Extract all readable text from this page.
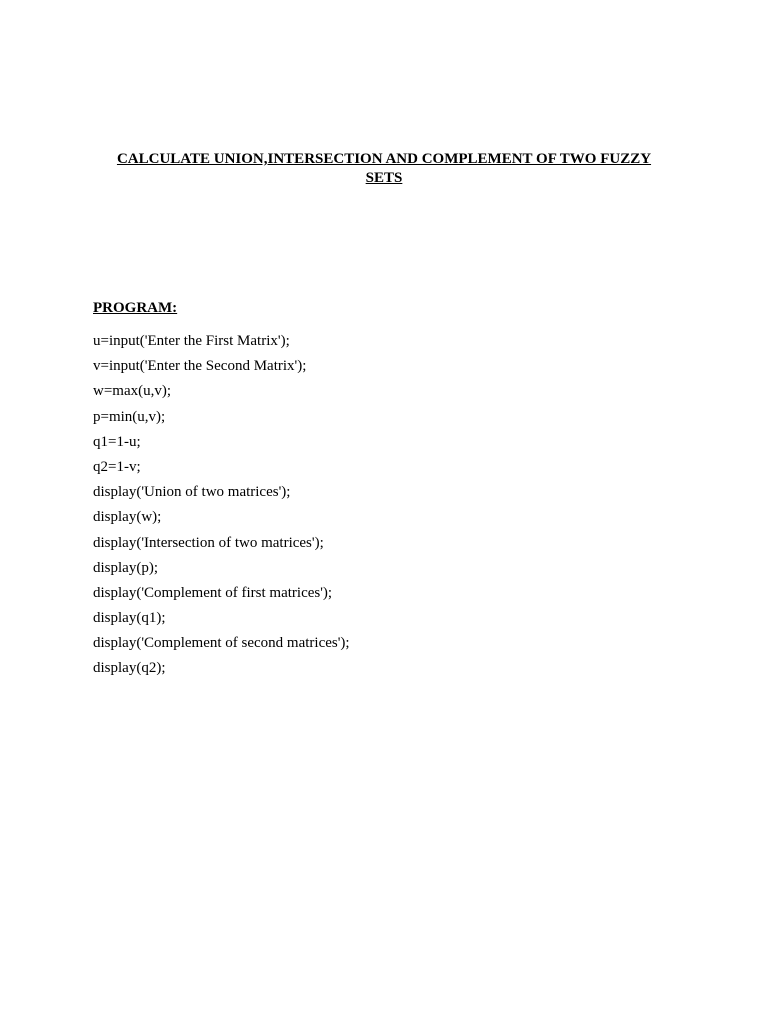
CALCULATE UNION,INTERSECTION AND COMPLEMENT OF TWO FUZZY
SETS
PROGRAM:
u=input('Enter the First Matrix');
v=input('Enter the Second Matrix');
w=max(u,v);
p=min(u,v);
q1=1-u;
q2=1-v;
display('Union of two matrices');
display(w);
display('Intersection of two matrices');
display(p);
display('Complement of first matrices');
display(q1);
display('Complement of second matrices');
display(q2);
